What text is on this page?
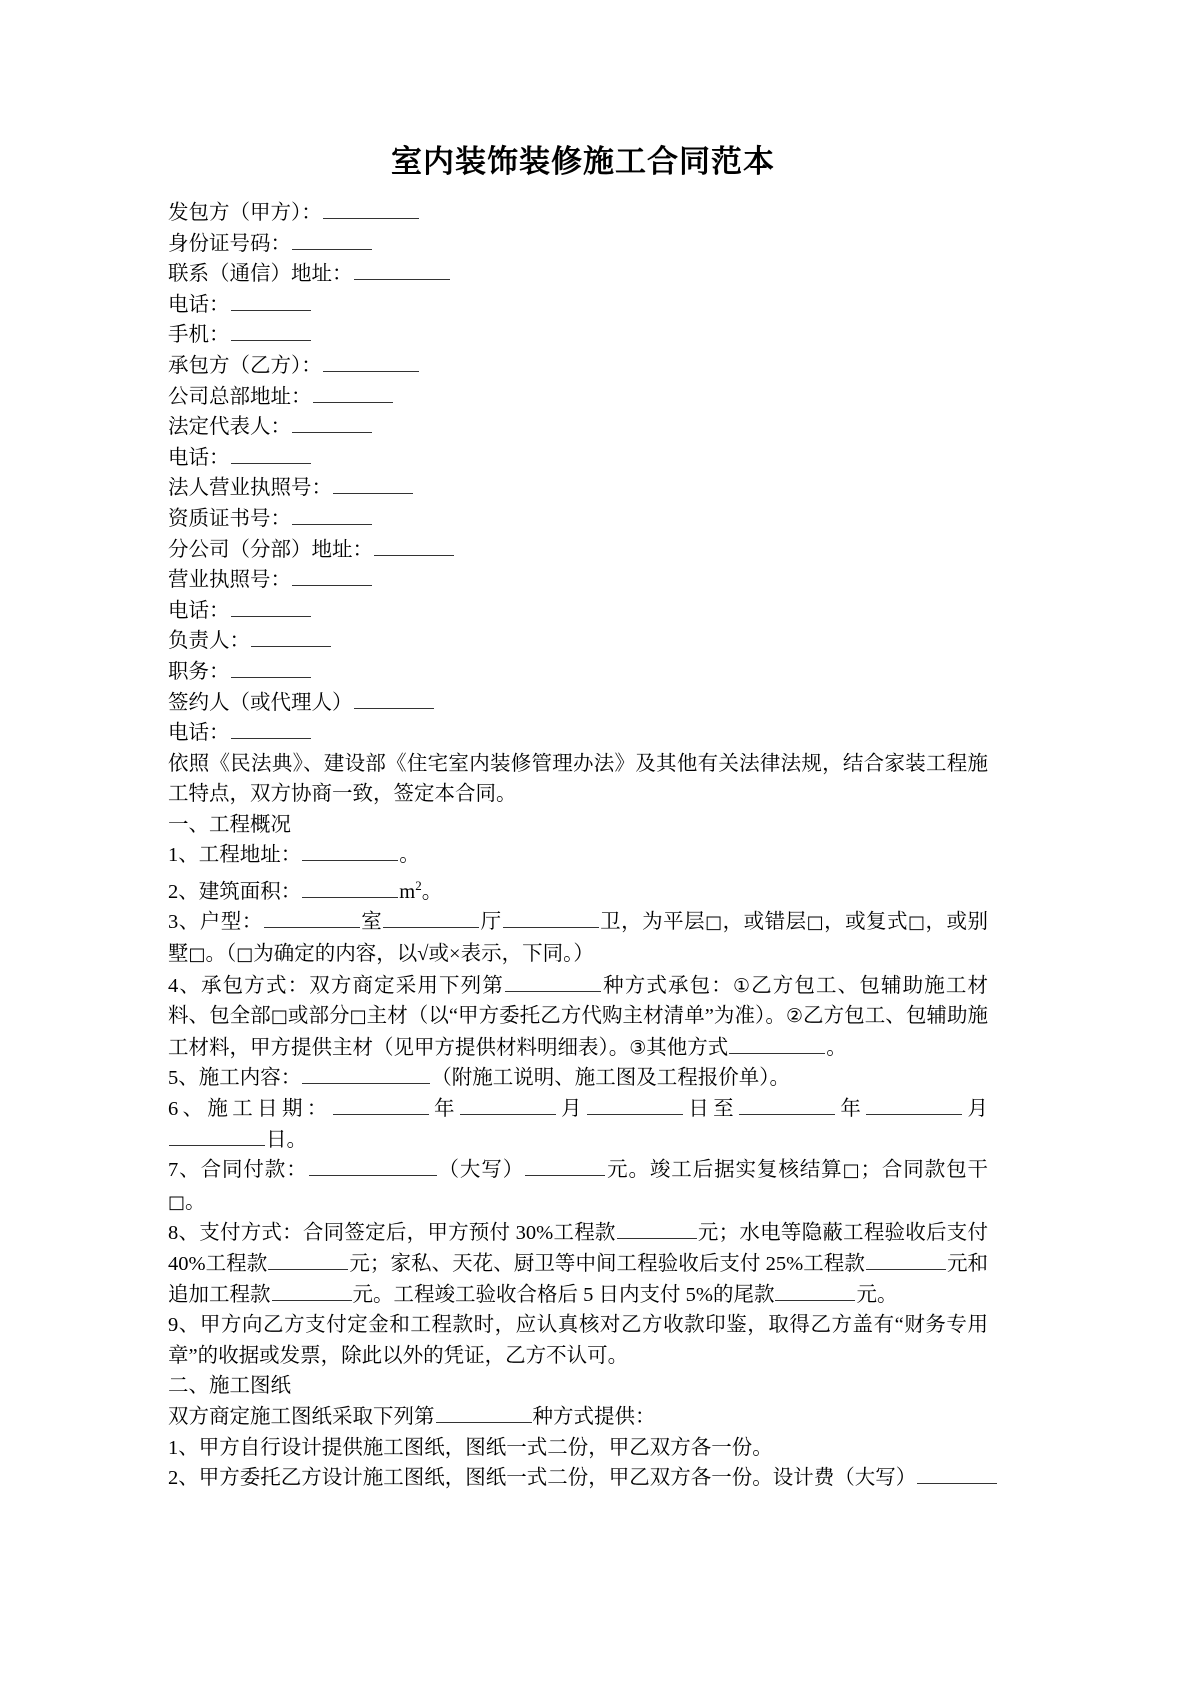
室内装饰装修施工合同范本
发包方（甲方）：
身份证号码：
联系（通信）地址：
电话：
手机：
承包方（乙方）：
公司总部地址：
法定代表人：
电话：
法人营业执照号：
资质证书号：
分公司（分部）地址：
营业执照号：
电话：
负责人：
职务：
签约人（或代理人）
电话：
依照《民法典》、建设部《住宅室内装修管理办法》及其他有关法律法规，结合家装工程施工特点，双方协商一致，签定本合同。
一、工程概况
1、工程地址：	。
2、建筑面积：	$m^2$。
3、户型：	室	厅	卫，为平层□，或错层□，或复式□，或别墅□。（□为确定的内容，以√或×表示，下同。）
4、承包方式：双方商定采用下列第	种方式承包：①乙方包工、包辅助施工材料、包全部□或部分□主材（以“甲方委托乙方代购主材清单”为准）。②乙方包工、包辅助施工材料，甲方提供主材（见甲方提供材料明细表）。③其他方式	。
5、施工内容：	（附施工说明、施工图及工程报价单）。
6、施工日期：	年	月	日至	年	月日。
7、合同付款：	（大写）	元。竣工后据实复核结算□；合同款包干□。
8、支付方式：合同签定后，甲方预付 30%工程款	元；水电等隐蔽工程验收后支付 40%工程款	元；家私、天花、厨卫等中间工程验收后支付 25%工程款	元和追加工程款	元。工程竣工验收合格后 5 日内支付 5%的尾款	元。
9、甲方向乙方支付定金和工程款时，应认真核对乙方收款印鉴，取得乙方盖有“财务专用章”的收据或发票，除此以外的凭证，乙方不认可。
二、施工图纸
双方商定施工图纸采取下列第	种方式提供：
1、甲方自行设计提供施工图纸，图纸一式二份，甲乙双方各一份。
2、甲方委托乙方设计施工图纸，图纸一式二份，甲乙双方各一份。设计费（大写）
